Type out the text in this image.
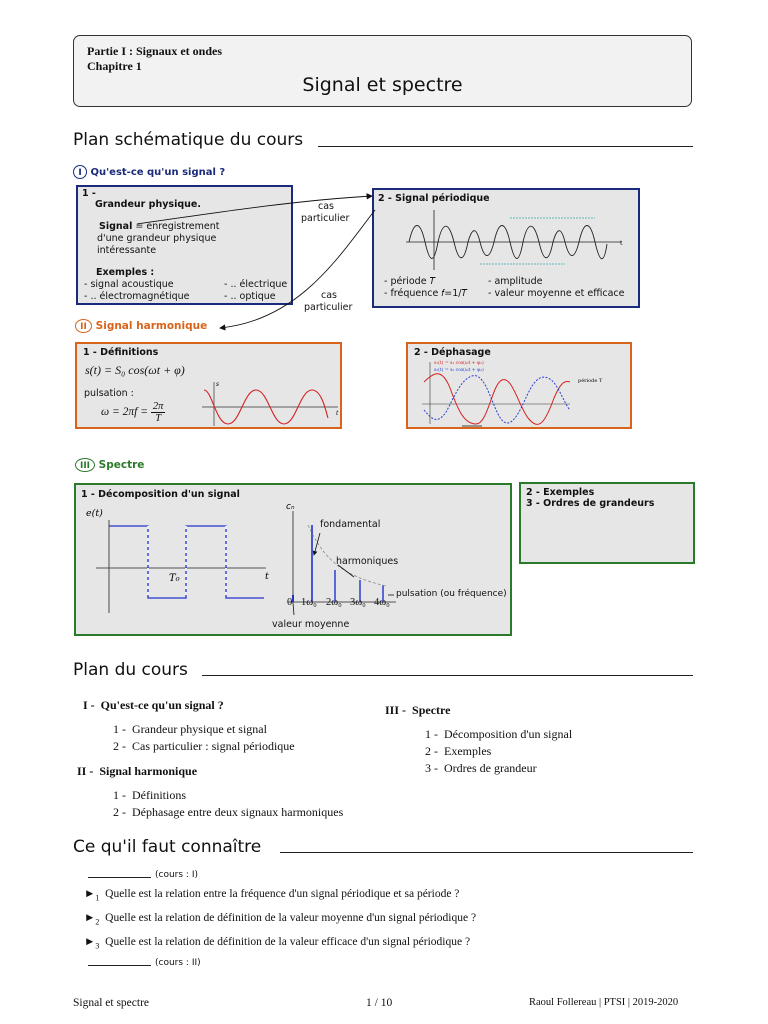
Partie I : Signaux et ondes
Chapitre 1
Signal et spectre
Plan schématique du cours
I Qu'est-ce qu'un signal ?
1 -
Grandeur physique.
Signal = enregistrement
d'une grandeur physique
intéressante
Exemples :
- signal acoustique	- .. électrique
- .. électromagnétique	- .. optique
cas
particulier
cas
particulier
2 - Signal périodique
t
- période 𝑇
- fréquence 𝑓=1/𝑇
- amplitude
- valeur moyenne et efficace
II Signal harmonique
1 - Définitions
s(t) = S₀ cos(ωt + φ)
pulsation :
$\omega = 2\pi f = \frac{2\pi}{T}$
s
t
2 - Déphasage
s₁(t) = s₁ cos(ωt + φ₁)
s₂(t) = s₂ cos(ωt + φ₂)
période T
III Spectre
1 - Décomposition d'un signal
e(t)
t
T₀
cₙ
fondamental
harmoniques
pulsation (ou fréquence)
valeur moyenne
0 1ω₀ 2ω₀ 3ω₀ 4ω₀
2 - Exemples
3 - Ordres de grandeurs
Plan du cours
I - Qu'est-ce qu'un signal ?
1 - Grandeur physique et signal
2 - Cas particulier : signal périodique
II - Signal harmonique
1 - Définitions
2 - Déphasage entre deux signaux harmoniques
III - Spectre
1 - Décomposition d'un signal
2 - Exemples
3 - Ordres de grandeur
Ce qu'il faut connaître
(cours : I)
$►_1$ Quelle est la relation entre la fréquence d'un signal périodique et sa période ?
$►_2$ Quelle est la relation de définition de la valeur moyenne d'un signal périodique ?
$►_3$ Quelle est la relation de définition de la valeur efficace d'un signal périodique ?
(cours : II)
Signal et spectre	1 / 10	Raoul Follereau | PTSI | 2019-2020
